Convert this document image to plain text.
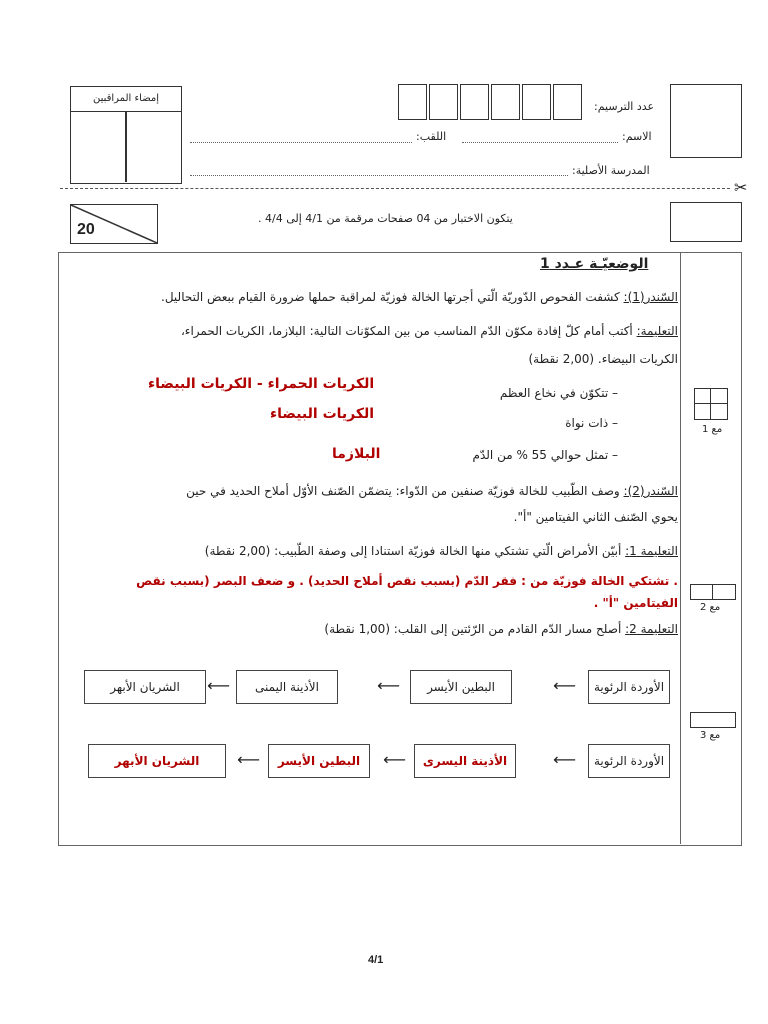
إمضاء المراقبين
عدد الترسيم:
الاسم:
اللقب:
المدرسة الأصلية:
✂
20
يتكون الاختبار من 04 صفحات مرقمة من 4/1 إلى 4/4 .
الوضعيّـة عـدد 1
السّندر(1): كشفت الفحوص الدّوريّة الّتي أجرتها الخالة فوزيّة لمراقبة حملها ضرورة القيام ببعض التحاليل.
التعليمة: أكتب أمام كلّ إفادة مكوّن الدّم المناسب من بين المكوّنات التالية: البلازما، الكريات الحمراء،
الكريات البيضاء. (2,00 نقطة)
– تتكوّن في نخاع العظم
الكريات الحمراء - الكريات البيضاء
– ذات نواة
الكريات البيضاء
– تمثل حوالي 55 % من الدّم
البلازما
السّندر(2): وصف الطّبيب للخالة فوزيّة صنفين من الدّواء: يتضمّن الصّنف الأوّل أملاح الحديد في حين
يحوي الصّنف الثاني الفيتامين "أ".
التعليمة 1: أبيّن الأمراض الّتي تشتكي منها الخالة فوزيّة استنادا إلى وصفة الطّبيب: (2,00 نقطة)
. تشتكي الخالة فوزيّة من : فقر الدّم (بسبب نقص أملاح الحديد) . و ضعف البصر (بسبب نقص
الفيتامين "أ" .
التعليمة 2: أصلح مسار الدّم القادم من الرّئتين إلى القلب: (1,00 نقطة)
الأوردة الرئوية
⟵
البطين الأيسر
⟵
الأذينة اليمنى
⟵
الشريان الأبهر
الأوردة الرئوية
⟵
الأذينة اليسرى
⟵
البطين الأيسر
⟵
الشريان الأبهر
مع 1
مع 2
مع 3
4/1
